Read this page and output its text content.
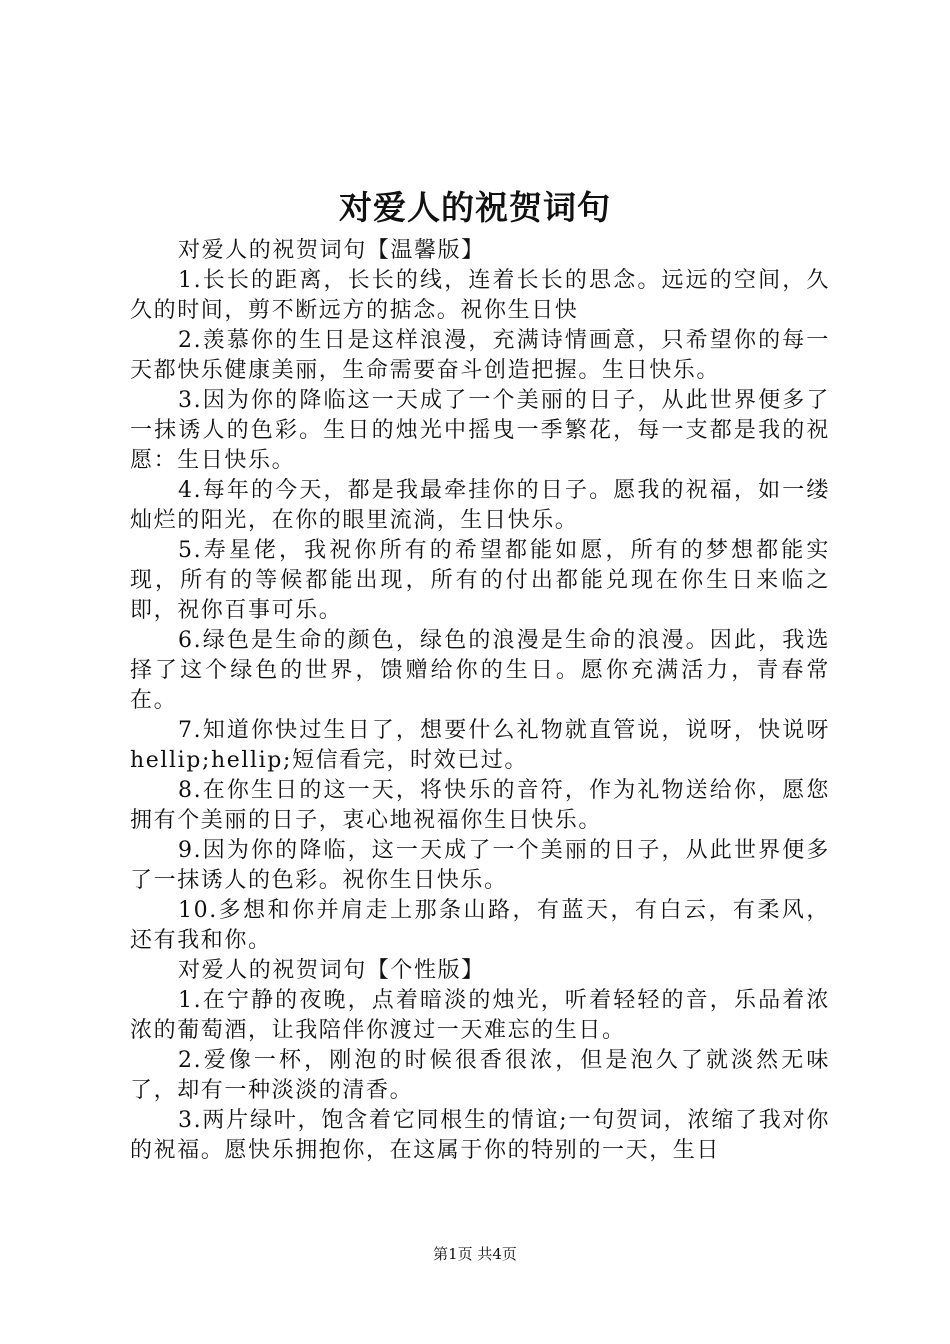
对爱人的祝贺词句

对爱人的祝贺词句【温馨版】

1.长长的距离，长长的线，连着长长的思念。远远的空间，久久的时间，剪不断远方的掂念。祝你生日快

2.羡慕你的生日是这样浪漫，充满诗情画意，只希望你的每一天都快乐健康美丽，生命需要奋斗创造把握。生日快乐。

3.因为你的降临这一天成了一个美丽的日子，从此世界便多了一抹诱人的色彩。生日的烛光中摇曳一季繁花，每一支都是我的祝愿：生日快乐。

4.每年的今天，都是我最牵挂你的日子。愿我的祝福，如一缕灿烂的阳光，在你的眼里流淌，生日快乐。

5.寿星佬，我祝你所有的希望都能如愿，所有的梦想都能实现，所有的等候都能出现，所有的付出都能兑现在你生日来临之即，祝你百事可乐。

6.绿色是生命的颜色，绿色的浪漫是生命的浪漫。因此，我选择了这个绿色的世界，馈赠给你的生日。愿你充满活力，青春常在。

7.知道你快过生日了，想要什么礼物就直管说，说呀，快说呀hellip;hellip;短信看完，时效已过。

8.在你生日的这一天，将快乐的音符，作为礼物送给你，愿您拥有个美丽的日子，衷心地祝福你生日快乐。

9.因为你的降临，这一天成了一个美丽的日子，从此世界便多了一抹诱人的色彩。祝你生日快乐。

10.多想和你并肩走上那条山路，有蓝天，有白云，有柔风，还有我和你。

对爱人的祝贺词句【个性版】

1.在宁静的夜晚，点着暗淡的烛光，听着轻轻的音，乐品着浓浓的葡萄酒，让我陪伴你渡过一天难忘的生日。

2.爱像一杯，刚泡的时候很香很浓，但是泡久了就淡然无味了，却有一种淡淡的清香。

3.两片绿叶，饱含着它同根生的情谊;一句贺词，浓缩了我对你的祝福。愿快乐拥抱你，在这属于你的特别的一天，生日

第1页 共4页
